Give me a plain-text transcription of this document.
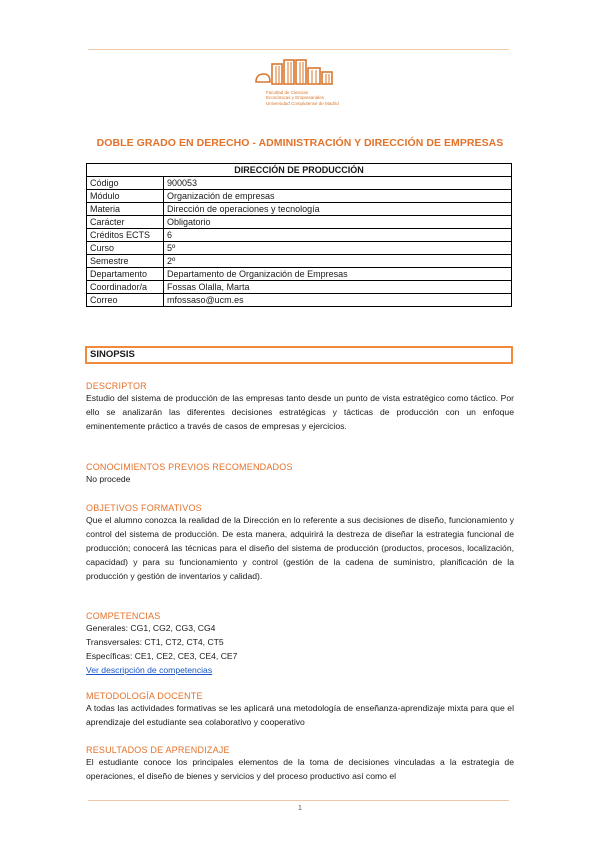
Facultad de Ciencias
Económicas y Empresariales
Universidad Complutense de Madrid
DOBLE GRADO EN DERECHO - ADMINISTRACIÓN Y DIRECCIÓN DE EMPRESAS
DIRECCIÓN DE PRODUCCIÓN	
Código	900053
Módulo	Organización de empresas
Materia	Dirección de operaciones y tecnología
Carácter	Obligatorio
Créditos ECTS	6
Curso	5º
Semestre	2º
Departamento	Departamento de Organización de Empresas
Coordinador/a	Fossas Olalla, Marta
Correo	mfossaso@ucm.es
SINOPSIS
DESCRIPTOR
Estudio del sistema de producción de las empresas tanto desde un punto de vista estratégico como táctico. Por ello se analizarán las diferentes decisiones estratégicas y tácticas de producción con un enfoque eminentemente práctico a través de casos de empresas y ejercicios.
CONOCIMIENTOS PREVIOS RECOMENDADOS
No procede
OBJETIVOS FORMATIVOS
Que el alumno conozca la realidad de la Dirección en lo referente a sus decisiones de diseño, funcionamiento y control del sistema de producción. De esta manera, adquirirá la destreza de diseñar la estrategia funcional de producción; conocerá las técnicas para el diseño del sistema de producción (productos, procesos, localización, capacidad) y para su funcionamiento y control (gestión de la cadena de suministro, planificación de la producción y gestión de inventarios y calidad).
COMPETENCIAS
Generales: CG1, CG2, CG3, CG4
Transversales: CT1, CT2, CT4, CT5
Específicas: CE1, CE2, CE3, CE4, CE7
Ver descripción de competencias
METODOLOGÍA DOCENTE
A todas las actividades formativas se les aplicará una metodología de enseñanza-aprendizaje mixta para que el aprendizaje del estudiante sea colaborativo y cooperativo
RESULTADOS DE APRENDIZAJE
El estudiante conoce los principales elementos de la toma de decisiones vinculadas a la estrategia de operaciones, el diseño de bienes y servicios y del proceso productivo así como el
1
